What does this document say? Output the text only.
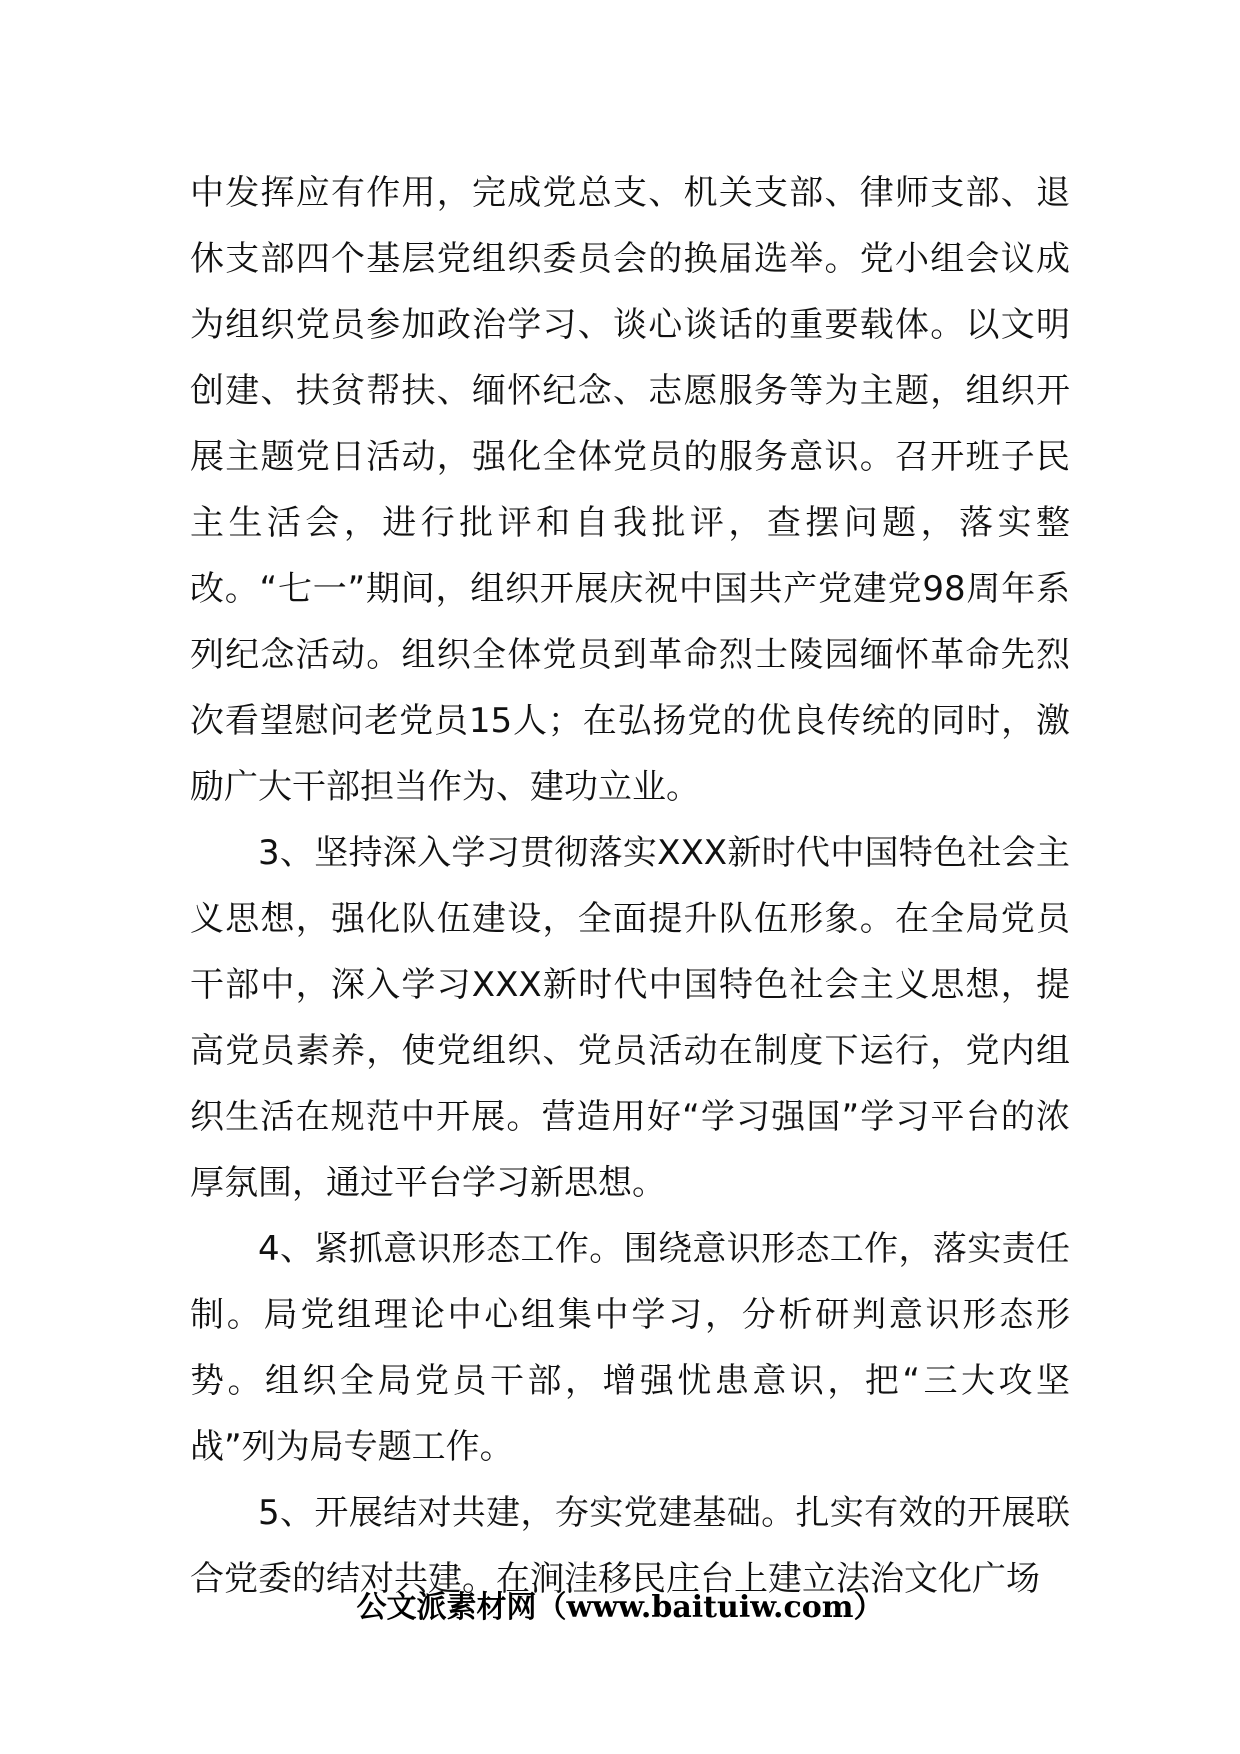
中发挥应有作用，完成党总支、机关支部、律师支部、退休支部四个基层党组织委员会的换届选举。党小组会议成为组织党员参加政治学习、谈心谈话的重要载体。以文明创建、扶贫帮扶、缅怀纪念、志愿服务等为主题，组织开展主题党日活动，强化全体党员的服务意识。召开班子民主生活会，进行批评和自我批评，查摆问题，落实整改。“七一”期间，组织开展庆祝中国共产党建党98周年系列纪念活动。组织全体党员到革命烈士陵园缅怀革命先烈次看望慰问老党员15人；在弘扬党的优良传统的同时，激励广大干部担当作为、建功立业。

3、坚持深入学习贯彻落实XXX新时代中国特色社会主义思想，强化队伍建设，全面提升队伍形象。在全局党员干部中，深入学习XXX新时代中国特色社会主义思想，提高党员素养，使党组织、党员活动在制度下运行，党内组织生活在规范中开展。营造用好“学习强国”学习平台的浓厚氛围，通过平台学习新思想。

4、紧抓意识形态工作。围绕意识形态工作，落实责任制。局党组理论中心组集中学习，分析研判意识形态形势。组织全局党员干部，增强忧患意识，把“三大攻坚战”列为局专题工作。

5、开展结对共建，夯实党建基础。扎实有效的开展联合党委的结对共建。在涧洼移民庄台上建立法治文化广场

公文派素材网（www.baituiw.com）
